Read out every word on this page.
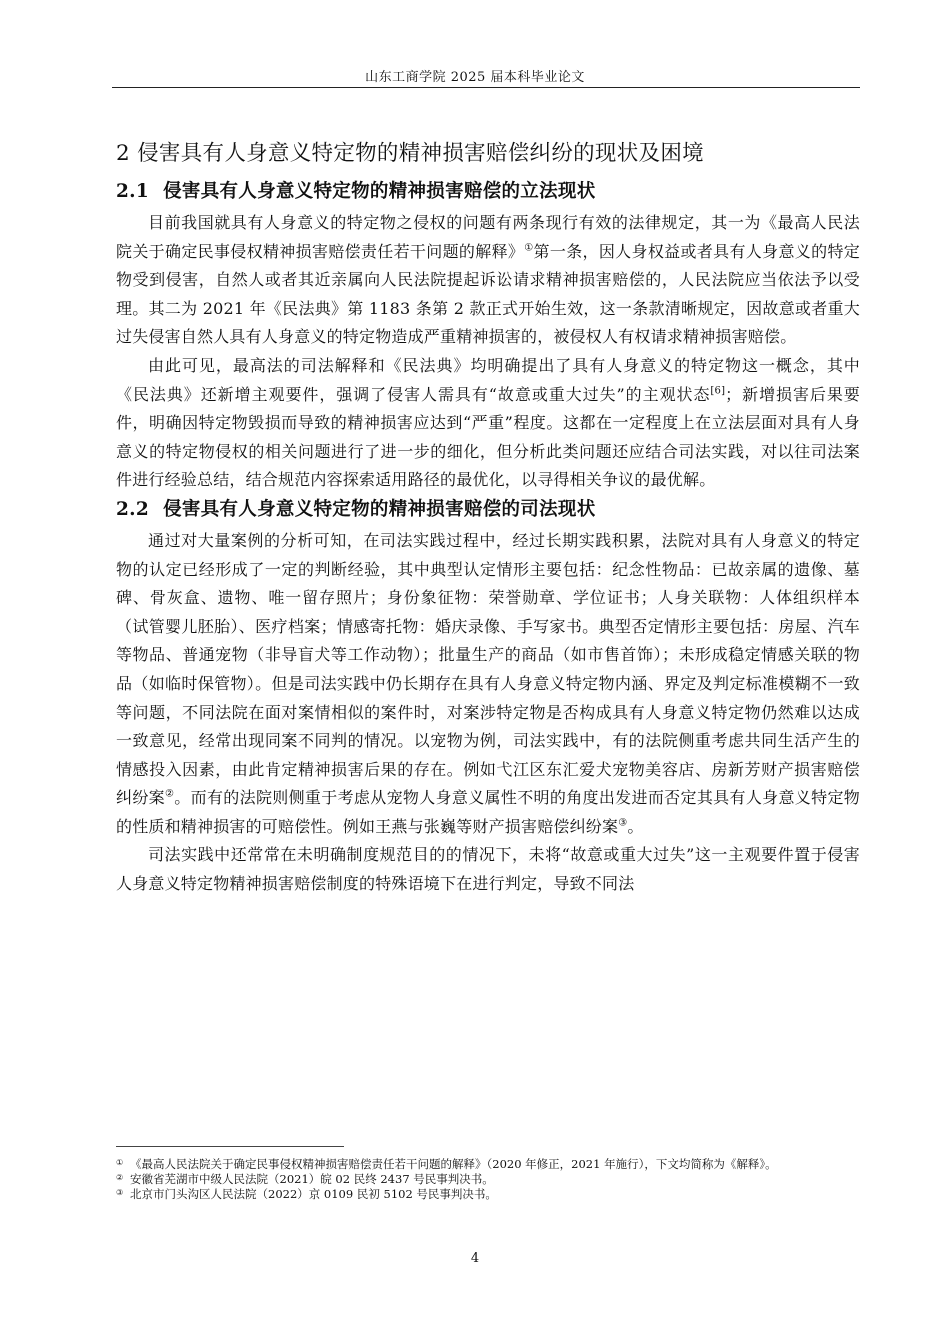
山东工商学院 2025 届本科毕业论文
2 侵害具有人身意义特定物的精神损害赔偿纠纷的现状及困境
2.1 侵害具有人身意义特定物的精神损害赔偿的立法现状

目前我国就具有人身意义的特定物之侵权的问题有两条现行有效的法律规定，其一为《最高人民法院关于确定民事侵权精神损害赔偿责任若干问题的解释》①第一条，因人身权益或者具有人身意义的特定物受到侵害，自然人或者其近亲属向人民法院提起诉讼请求精神损害赔偿的，人民法院应当依法予以受理。其二为 2021 年《民法典》第 1183 条第 2 款正式开始生效，这一条款清晰规定，因故意或者重大过失侵害自然人具有人身意义的特定物造成严重精神损害的，被侵权人有权请求精神损害赔偿。

由此可见，最高法的司法解释和《民法典》均明确提出了具有人身意义的特定物这一概念，其中《民法典》还新增主观要件，强调了侵害人需具有“故意或重大过失”的主观状态[6]；新增损害后果要件，明确因特定物毁损而导致的精神损害应达到“严重”程度。这都在一定程度上在立法层面对具有人身意义的特定物侵权的相关问题进行了进一步的细化，但分析此类问题还应结合司法实践，对以往司法案件进行经验总结，结合规范内容探索适用路径的最优化，以寻得相关争议的最优解。

2.2 侵害具有人身意义特定物的精神损害赔偿的司法现状

通过对大量案例的分析可知，在司法实践过程中，经过长期实践积累，法院对具有人身意义的特定物的认定已经形成了一定的判断经验，其中典型认定情形主要包括：纪念性物品：已故亲属的遗像、墓碑、骨灰盒、遗物、唯一留存照片；身份象征物：荣誉勋章、学位证书；人身关联物：人体组织样本（试管婴儿胚胎）、医疗档案；情感寄托物：婚庆录像、手写家书。典型否定情形主要包括：房屋、汽车等物品、普通宠物（非导盲犬等工作动物）；批量生产的商品（如市售首饰）；未形成稳定情感关联的物品（如临时保管物）。但是司法实践中仍长期存在具有人身意义特定物内涵、界定及判定标准模糊不一致等问题，不同法院在面对案情相似的案件时，对案涉特定物是否构成具有人身意义特定物仍然难以达成一致意见，经常出现同案不同判的情况。以宠物为例，司法实践中，有的法院侧重考虑共同生活产生的情感投入因素，由此肯定精神损害后果的存在。例如弋江区东汇爱犬宠物美容店、房新芳财产损害赔偿纠纷案②。而有的法院则侧重于考虑从宠物人身意义属性不明的角度出发进而否定其具有人身意义特定物的性质和精神损害的可赔偿性。例如王燕与张巍等财产损害赔偿纠纷案③。

司法实践中还常常在未明确制度规范目的的情况下，未将“故意或重大过失”这一主观要件置于侵害人身意义特定物精神损害赔偿制度的特殊语境下在进行判定，导致不同法

① 《最高人民法院关于确定民事侵权精神损害赔偿责任若干问题的解释》（2020 年修正，2021 年施行），下文均简称为《解释》。
② 安徽省芜湖市中级人民法院（2021）皖 02 民终 2437 号民事判决书。
③ 北京市门头沟区人民法院（2022）京 0109 民初 5102 号民事判决书。
4
